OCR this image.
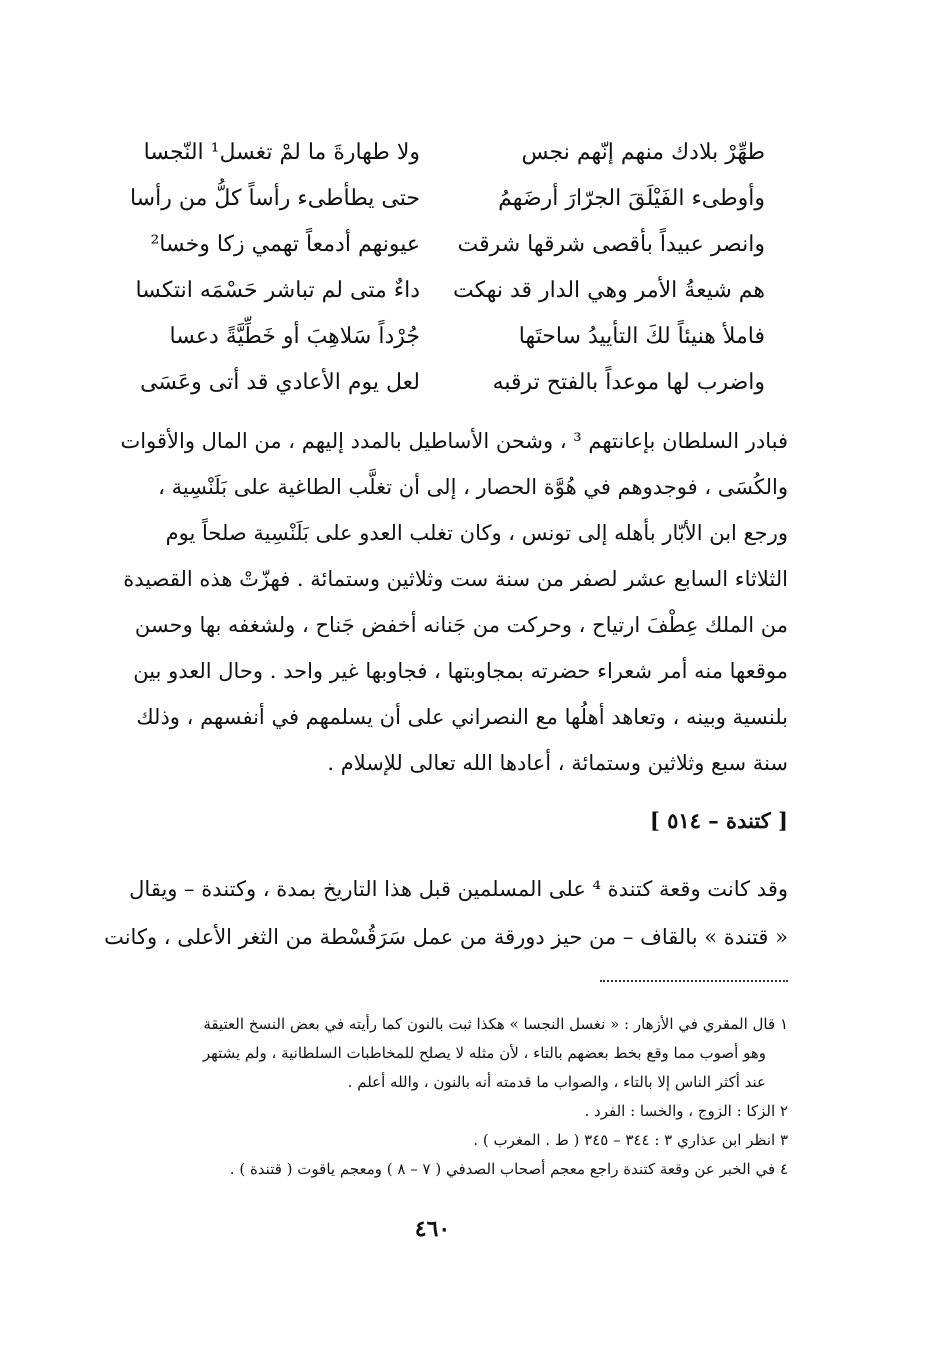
طهِّرْ بلادك منهم إنّهم نجس
ولا طهارةَ ما لمْ تغسل¹ النّجسا
وأوطىء الفَيْلَقَ الجرّارَ أرضَهمُ
حتى يطأطىء رأساً كلُّ من رأسا
وانصر عبيداً بأقصى شرقها شرقت
عيونهم أدمعاً تهمي زكا وخسا²
هم شيعةُ الأمر وهي الدار قد نهكت
داءٌ متى لم تباشر حَسْمَه انتكسا
فاملأ هنيئاً لكَ التأييدُ ساحتَها
جُرْداً سَلاهِبَ أو خَطِّيَّةً دعسا
واضرب لها موعداً بالفتح ترقبه
لعل يوم الأعادي قد أتى وعَسَى
فبادر السلطان بإعانتهم ³ ، وشحن الأساطيل بالمدد إليهم ، من المال والأقوات
والكُسَى ، فوجدوهم في هُوَّة الحصار ، إلى أن تغلَّب الطاغية على بَلَنْسِية ،
ورجع ابن الأبّار بأهله إلى تونس ، وكان تغلب العدو على بَلَنْسِية صلحاً يوم
الثلاثاء السابع عشر لصفر من سنة ست وثلاثين وستمائة . فهزّتْ هذه القصيدة
من الملك عِطْفَ ارتياح ، وحركت من جَنانه أخفض جَناح ، ولشغفه بها وحسن
موقعها منه أمر شعراء حضرته بمجاوبتها ، فجاوبها غير واحد . وحال العدو بين
بلنسية وبينه ، وتعاهد أهلُها مع النصراني على أن يسلمهم في أنفسهم ، وذلك
سنة سبع وثلاثين وستمائة ، أعادها الله تعالى للإسلام .
[ كتندة – ٥١٤ ]
وقد كانت وقعة كتندة ⁴ على المسلمين قبل هذا التاريخ بمدة ، وكتندة – ويقال
« قتندة » بالقاف – من حيز دورقة من عمل سَرَقُسْطة من الثغر الأعلى ، وكانت
١ قال المقري في الأزهار : « نغسل النجسا » هكذا ثبت بالنون كما رأيته في بعض النسخ العتيقة
وهو أصوب مما وقع بخط بعضهم بالتاء ، لأن مثله لا يصلح للمخاطبات السلطانية ، ولم يشتهر
عند أكثر الناس إلا بالتاء ، والصواب ما قدمته أنه بالنون ، والله أعلم .
٢ الزكا : الزوج ، والخسا : الفرد .
٣ انظر ابن عذاري ٣ : ٣٤٤ – ٣٤٥ ( ط . المغرب ) .
٤ في الخبر عن وقعة كتندة راجع معجم أصحاب الصدفي ( ٧ – ٨ ) ومعجم ياقوت ( قتندة ) .
٤٦٠
